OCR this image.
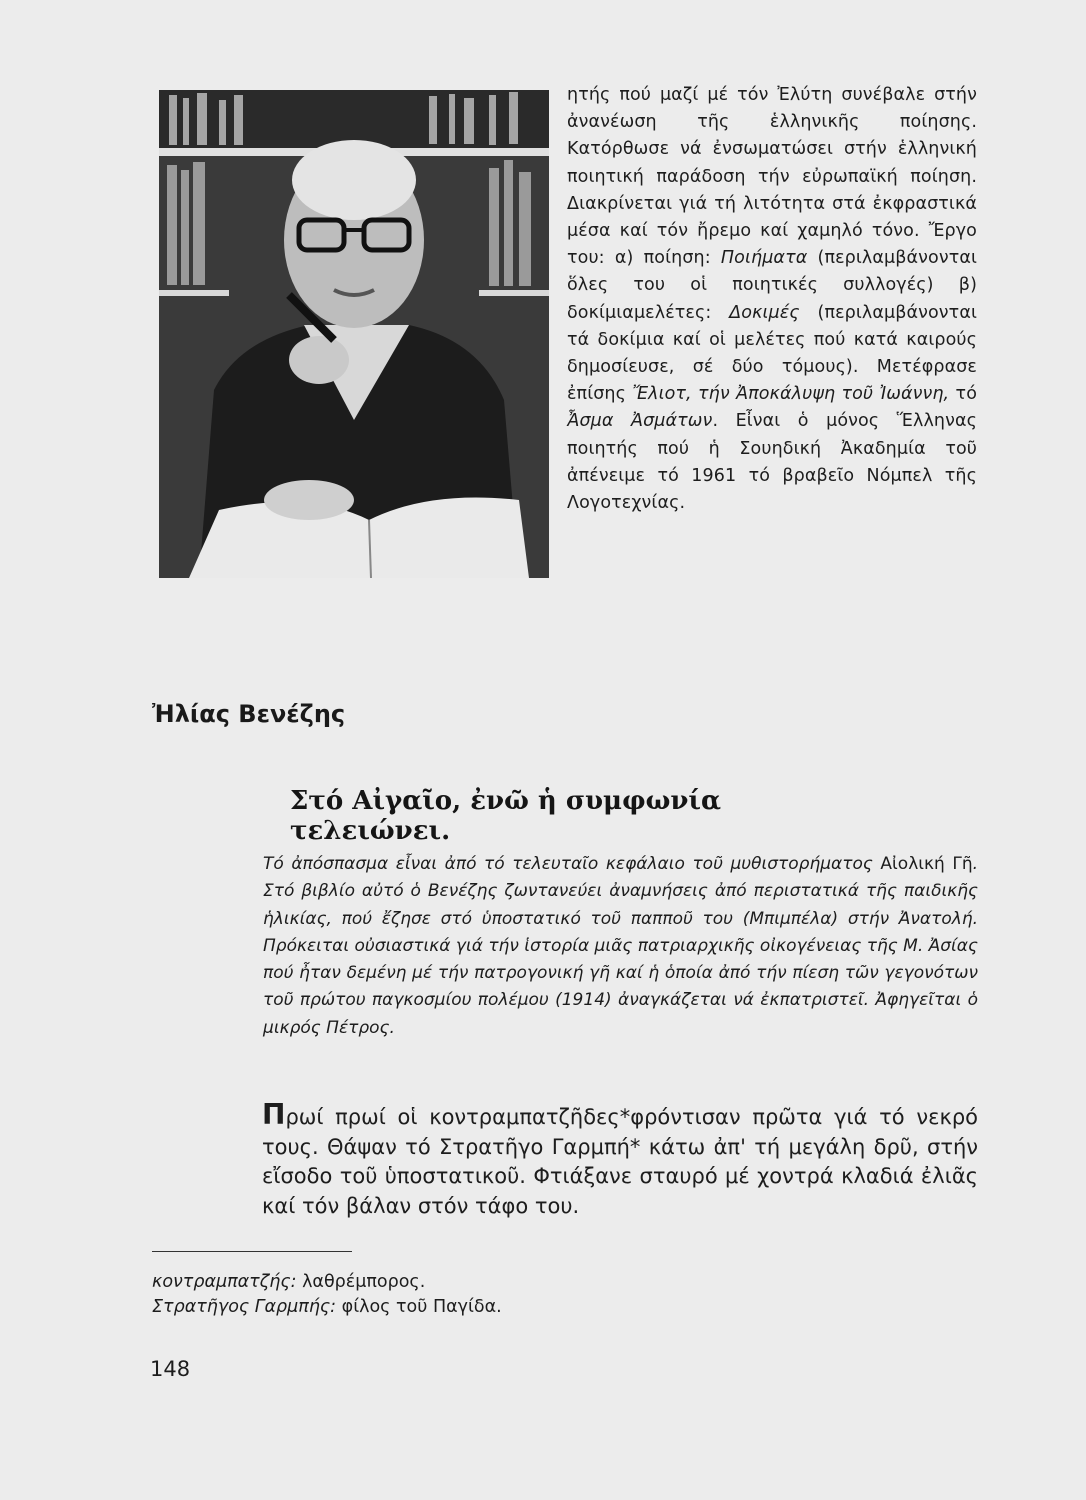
ητής πού μαζί μέ τόν Ἐλύτη συνέβαλε στήν ἀνανέωση τῆς ἑλληνικῆς ποίησης. Κατόρθωσε νά ἐνσωματώσει στήν ἑλληνική ποιητική παράδοση τήν εὐρωπαϊκή ποίηση. Διακρίνεται γιά τή λιτότητα στά ἐκφραστικά μέσα καί τόν ἤρεμο καί χαμηλό τόνο. Ἔργο του: α) ποίηση: Ποιήματα (περιλαμβάνονται ὅλες του οἱ ποιητικές συλλογές) β) δοκίμιαμελέτες: Δοκιμές (περιλαμβάνονται τά δοκίμια καί οἱ μελέτες πού κατά καιρούς δημοσίευσε, σέ δύο τόμους). Μετέφρασε ἐπίσης Ἔλιοτ, τήν Ἀποκάλυψη τοῦ Ἰωάννη, τό Ἆσμα Ἀσμάτων. Εἶναι ὁ μόνος Ἕλληνας ποιητής πού ἡ Σουηδική Ἀκαδημία τοῦ ἀπένειμε τό 1961 τό βραβεῖο Νόμπελ τῆς Λογοτεχνίας.

Ἠλίας Βενέζης
Στό Αἰγαῖο, ἐνῶ ἡ συμφωνία τελειώνει.

Τό ἀπόσπασμα εἶναι ἀπό τό τελευταῖο κεφάλαιο τοῦ μυθιστορήματος Αἰολική Γῆ. Στό βιβλίο αὐτό ὁ Βενέζης ζωντανεύει ἀναμνήσεις ἀπό περιστατικά τῆς παιδικῆς ἡλικίας, πού ἔζησε στό ὑποστατικό τοῦ παπποῦ του (Μπιμπέλα) στήν Ἀνατολή. Πρόκειται οὐσιαστικά γιά τήν ἱστορία μιᾶς πατριαρχικῆς οἰκογένειας τῆς Μ. Ἀσίας πού ἦταν δεμένη μέ τήν πατρογονική γῆ καί ἡ ὁποία ἀπό τήν πίεση τῶν γεγονότων τοῦ πρώτου παγκοσμίου πολέμου (1914) ἀναγκάζεται νά ἐκπατριστεῖ. Ἀφηγεῖται ὁ μικρός Πέτρος.

Πρωί πρωί οἱ κοντραμπατζῆδες*φρόντισαν πρῶτα γιά τό νεκρό τους. Θάψαν τό Στρατῆγο Γαρμπή* κάτω ἀπ' τή μεγάλη δρῦ, στήν εἴσοδο τοῦ ὑποστατικοῦ. Φτιάξανε σταυρό μέ χοντρά κλαδιά ἐλιᾶς καί τόν βάλαν στόν τάφο του.

κοντραμπατζής: λαθρέμπορος.

Στρατῆγος Γαρμπής: φίλος τοῦ Παγίδα.

148
